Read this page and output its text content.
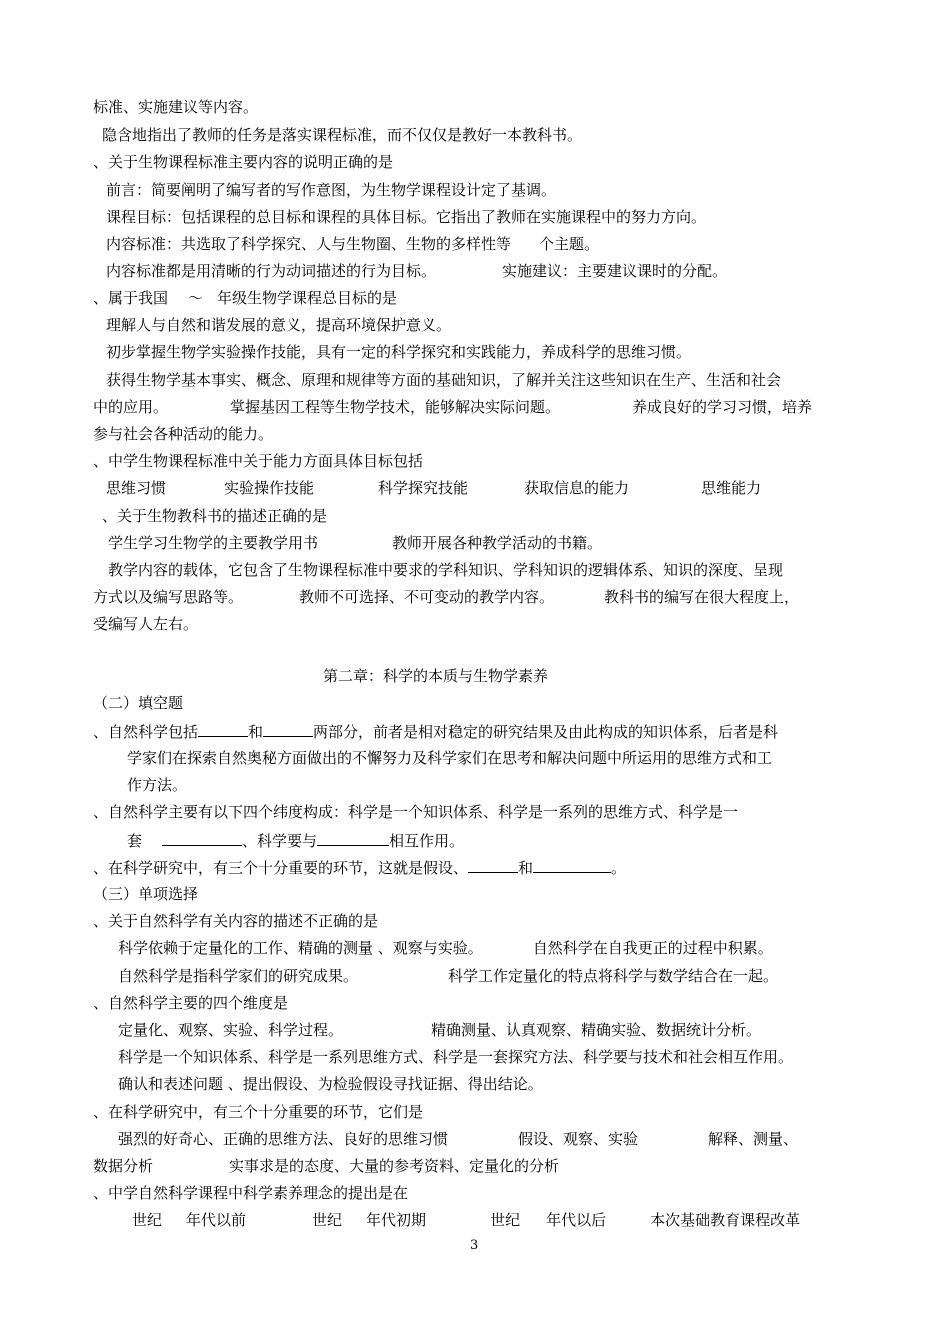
标准、实施建议等内容。
隐含地指出了教师的任务是落实课程标准，而不仅仅是教好一本教科书。
、关于生物课程标准主要内容的说明正确的是
前言：简要阐明了编写者的写作意图，为生物学课程设计定了基调。
课程目标：包括课程的总目标和课程的具体目标。它指出了教师在实施课程中的努力方向。
内容标准：共选取了科学探究、人与生物圈、生物的多样性等 个主题。
内容标准都是用清晰的行为动词描述的行为目标。	实施建议：主要建议课时的分配。
、属于我国 ～ 年级生物学课程总目标的是
理解人与自然和谐发展的意义，提高环境保护意义。
初步掌握生物学实验操作技能，具有一定的科学探究和实践能力，养成科学的思维习惯。
获得生物学基本事实、概念、原理和规律等方面的基础知识，了解并关注这些知识在生产、生活和社会
中的应用。	掌握基因工程等生物学技术，能够解决实际问题。	养成良好的学习习惯，培养
参与社会各种活动的能力。
、中学生物课程标准中关于能力方面具体目标包括
思维习惯	实验操作技能	科学探究技能	获取信息的能力	思维能力
、关于生物教科书的描述正确的是
学生学习生物学的主要教学用书	教师开展各种教学活动的书籍。
教学内容的载体，它包含了生物课程标准中要求的学科知识、学科知识的逻辑体系、知识的深度、呈现
方式以及编写思路等。	教师不可选择、不可变动的教学内容。	教科书的编写在很大程度上，
受编写人左右。
第二章：科学的本质与生物学素养
（二）填空题
、自然科学包括	和	两部分，前者是相对稳定的研究结果及由此构成的知识体系，后者是科
学家们在探索自然奥秘方面做出的不懈努力及科学家们在思考和解决问题中所运用的思维方式和工
作方法。
、自然科学主要有以下四个纬度构成：科学是一个知识体系、科学是一系列的思维方式、科学是一
套	、科学要与	相互作用。
、在科学研究中，有三个十分重要的环节，这就是假设、	和	。
（三）单项选择
、关于自然科学有关内容的描述不正确的是
科学依赖于定量化的工作、精确的测量 、观察与实验。	自然科学在自我更正的过程中积累。
自然科学是指科学家们的研究成果。	科学工作定量化的特点将科学与数学结合在一起。
、自然科学主要的四个维度是
定量化、观察、实验、科学过程。	精确测量、认真观察、精确实验、数据统计分析。
科学是一个知识体系、科学是一系列思维方式、科学是一套探究方法、科学要与技术和社会相互作用。
确认和表述问题 、提出假设、为检验假设寻找证据、得出结论。
、在科学研究中，有三个十分重要的环节，它们是
强烈的好奇心、正确的思维方法、良好的思维习惯	假设、观察、实验	解释、测量、
数据分析	实事求是的态度、大量的参考资料、定量化的分析
、中学自然科学课程中科学素养理念的提出是在
世纪 年代以前	世纪 年代初期	世纪 年代以后	本次基础教育课程改革
3
